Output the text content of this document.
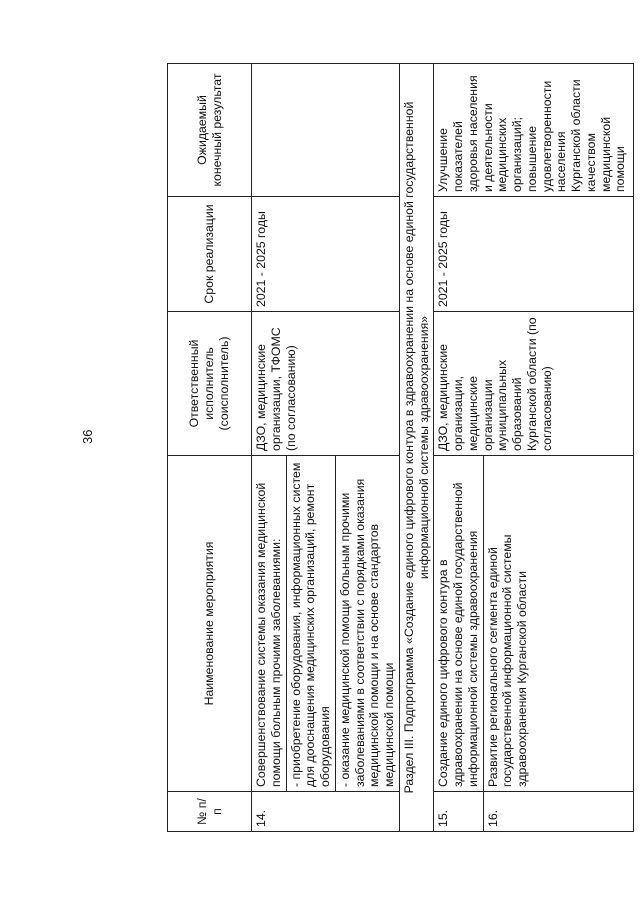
36
№ п/п	Наименование мероприятия	Ответственный исполнитель (соисполнитель)	Срок реализации	Ожидаемый конечный результат
14.	Совершенствование системы оказания медицинской помощи больным прочими заболеваниями:	ДЗО, медицинские организации, ТФОМС (по согласованию)	2021 - 2025 годы	
	- приобретение оборудования, информационных систем для дооснащения медицинских организаций, ремонт оборудования			
	- оказание медицинской помощи больным прочими заболеваниями в соответствии с порядками оказания медицинской помощи и на основе стандартов медицинской помощи			
Раздел III. Подпрограмма «Создание единого цифрового контура в здравоохранении на основе единой государственной информационной системы здравоохранения»				
15.	Создание единого цифрового контура в здравоохранении на основе единой государственной информационной системы здравоохранения	ДЗО, медицинские организации, медицинские организации муниципальных образований Курганской области (по согласованию)	2021 - 2025 годы	Улучшение показателей здоровья населения и деятельности медицинских организаций; повышение удовлетворенности населения Курганской области качеством медицинской помощи
16.	Развитие регионального сегмента единой государственной информационной системы здравоохранения Курганской области			
